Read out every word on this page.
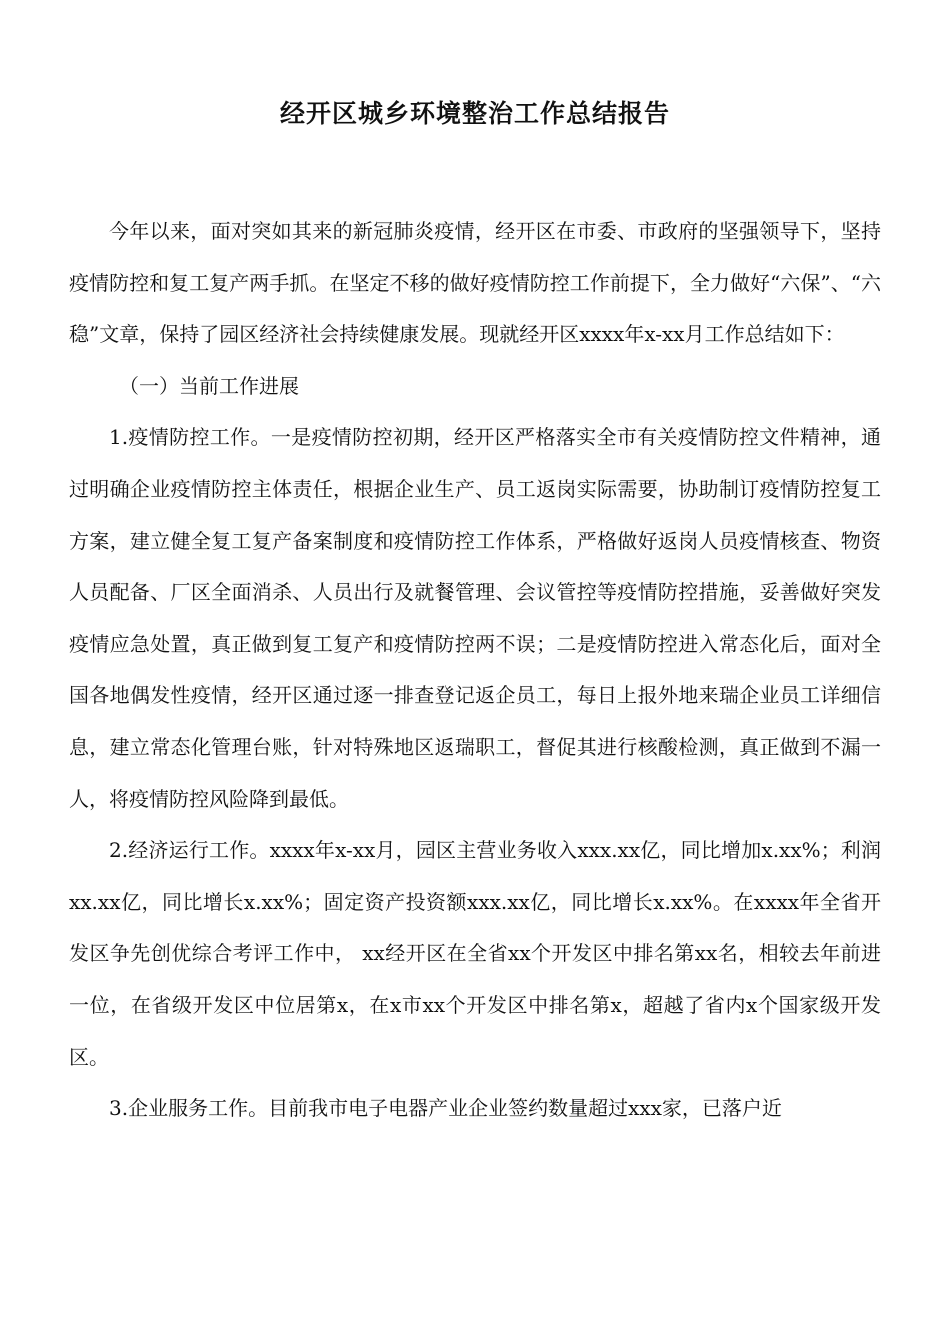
经开区城乡环境整治工作总结报告

今年以来，面对突如其来的新冠肺炎疫情，经开区在市委、市政府的坚强领导下，坚持疫情防控和复工复产两手抓。在坚定不移的做好疫情防控工作前提下，全力做好“六保”、“六稳”文章，保持了园区经济社会持续健康发展。现就经开区xxxx年x-xx月工作总结如下：

（一）当前工作进展

1.疫情防控工作。一是疫情防控初期，经开区严格落实全市有关疫情防控文件精神，通过明确企业疫情防控主体责任，根据企业生产、员工返岗实际需要，协助制订疫情防控复工方案，建立健全复工复产备案制度和疫情防控工作体系，严格做好返岗人员疫情核查、物资人员配备、厂区全面消杀、人员出行及就餐管理、会议管控等疫情防控措施，妥善做好突发疫情应急处置，真正做到复工复产和疫情防控两不误；二是疫情防控进入常态化后，面对全国各地偶发性疫情，经开区通过逐一排查登记返企员工，每日上报外地来瑞企业员工详细信息，建立常态化管理台账，针对特殊地区返瑞职工，督促其进行核酸检测，真正做到不漏一人，将疫情防控风险降到最低。

2.经济运行工作。xxxx年x-xx月，园区主营业务收入xxx.xx亿，同比增加x.xx%；利润xx.xx亿，同比增长x.xx%；固定资产投资额xxx.xx亿，同比增长x.xx%。在xxxx年全省开发区争先创优综合考评工作中， xx经开区在全省xx个开发区中排名第xx名，相较去年前进一位，在省级开发区中位居第x，在x市xx个开发区中排名第x，超越了省内x个国家级开发区。

3.企业服务工作。目前我市电子电器产业企业签约数量超过xxx家，已落户近
